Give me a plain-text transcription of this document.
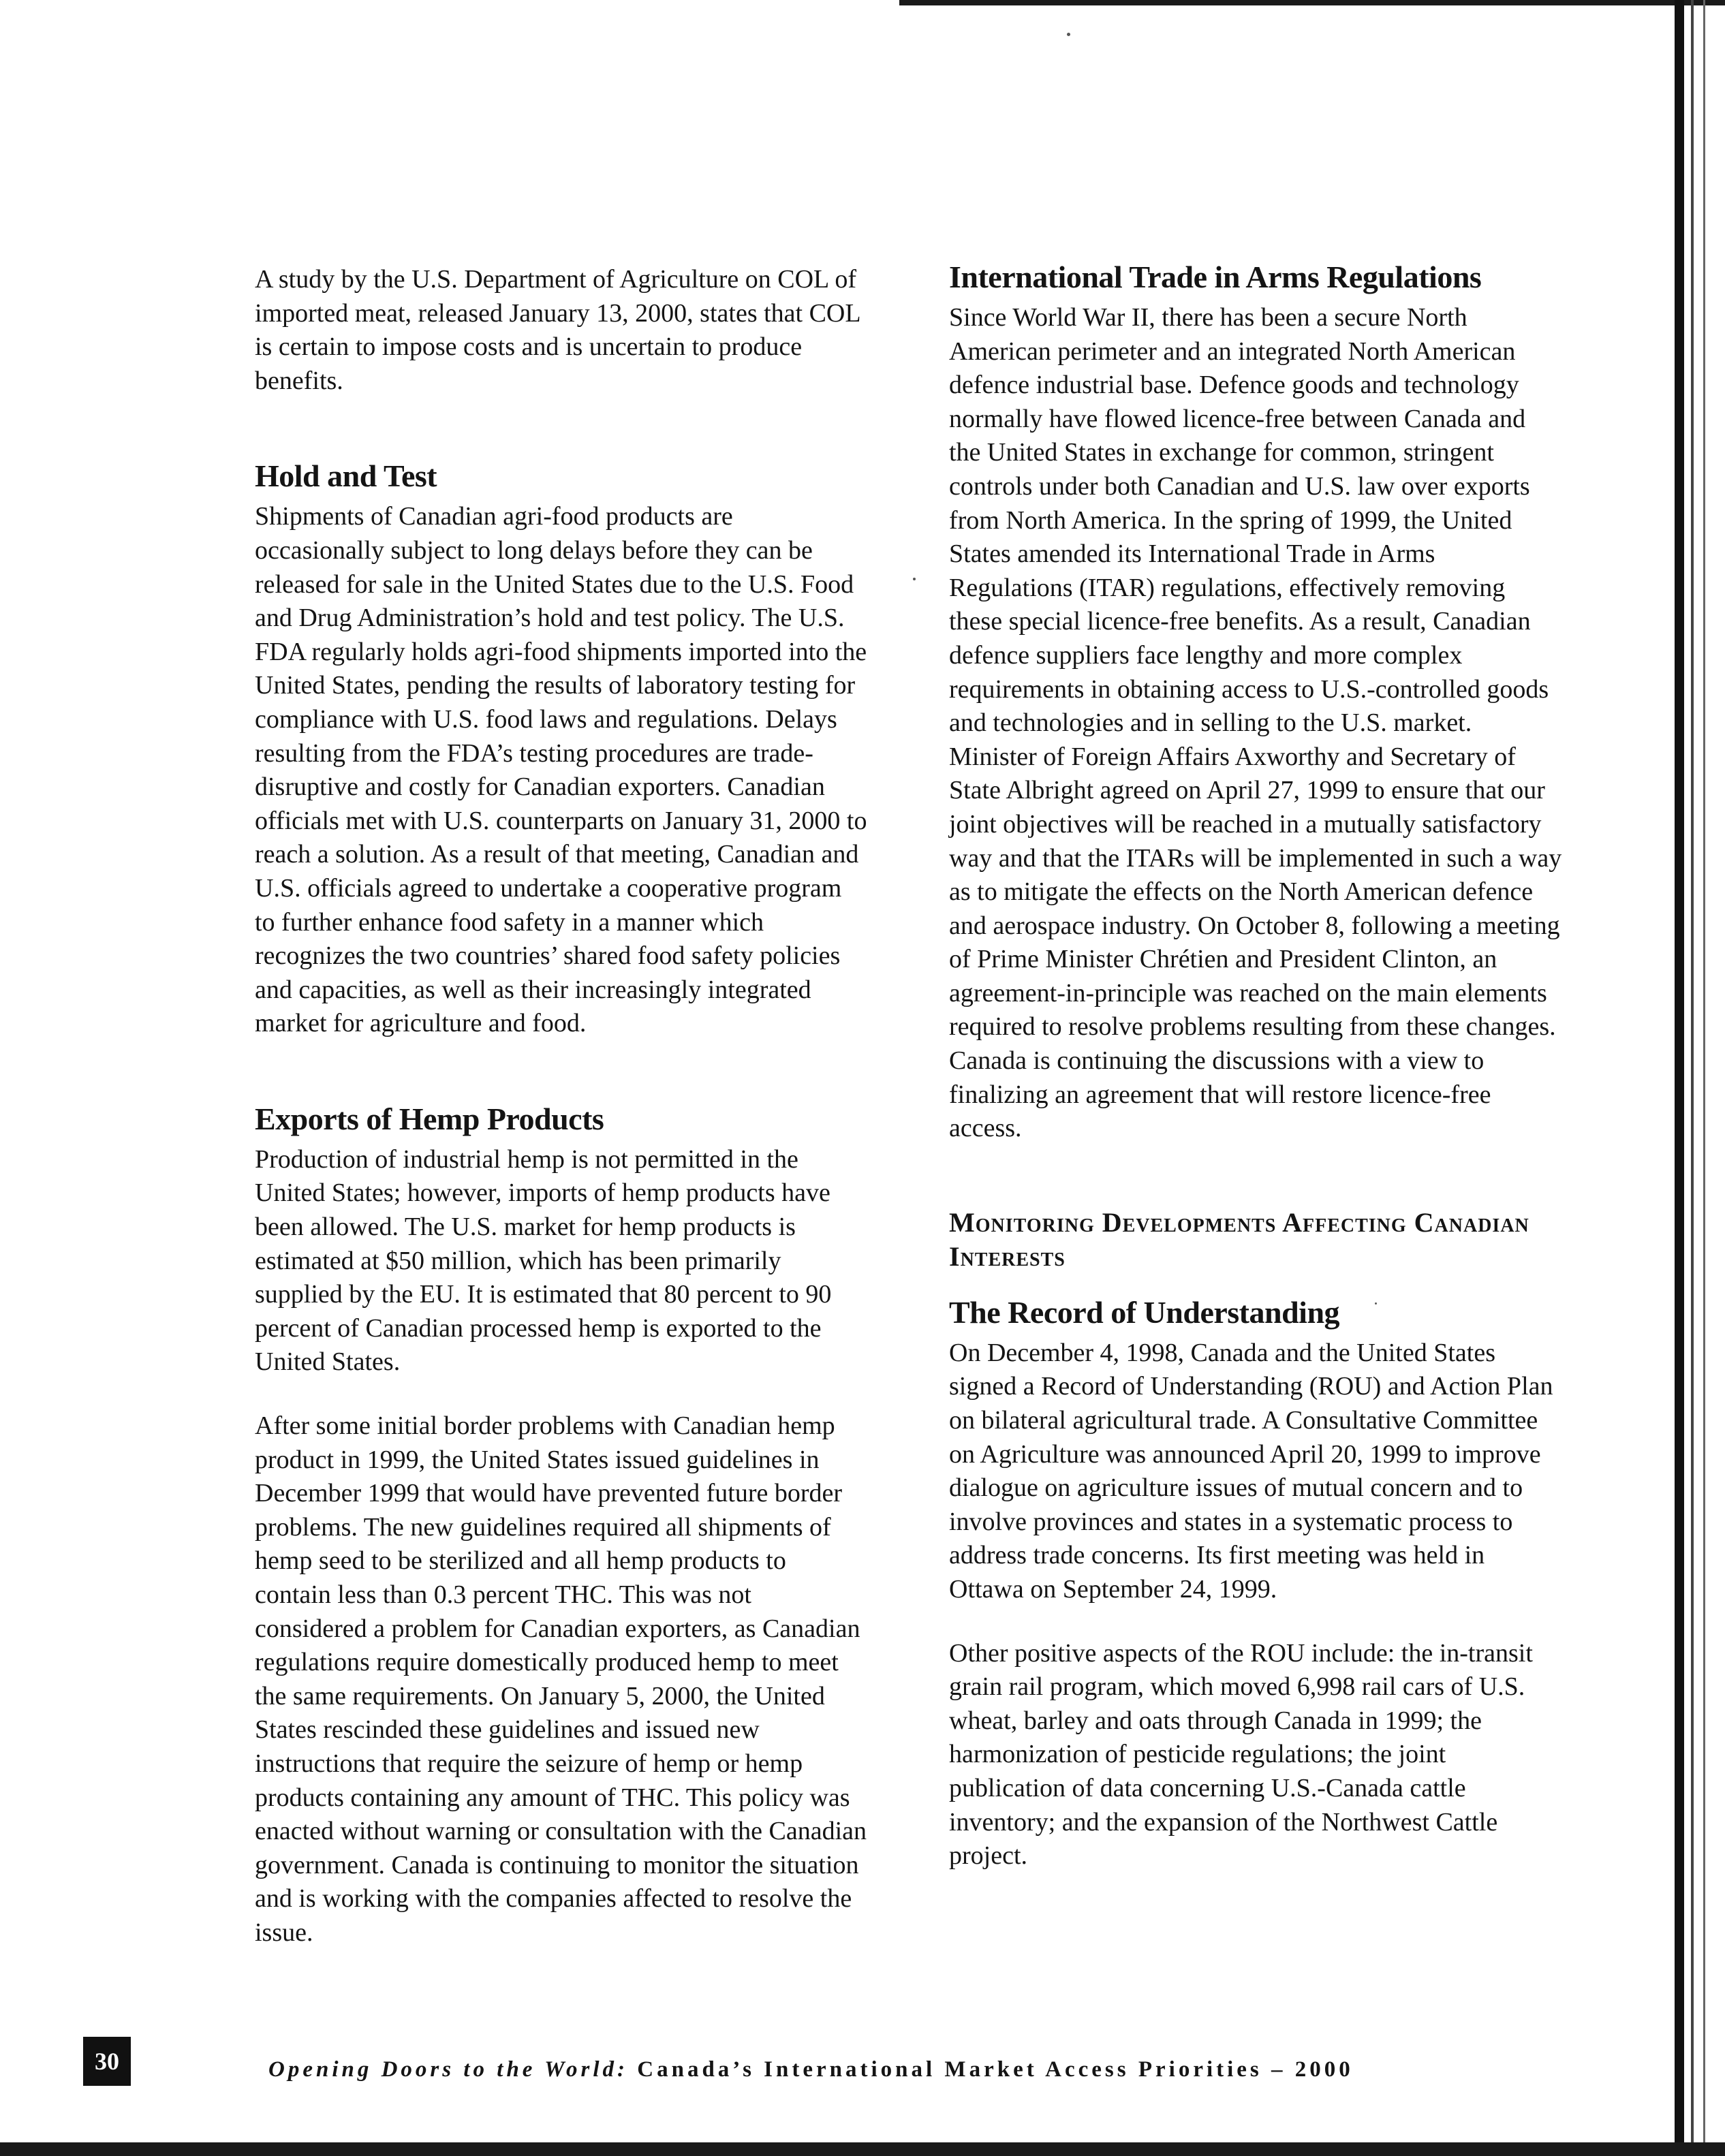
A study by the U.S. Department of Agriculture on COL of imported meat, released January 13, 2000, states that COL is certain to impose costs and is uncertain to produce benefits.

Hold and Test

Shipments of Canadian agri-food products are occasionally subject to long delays before they can be released for sale in the United States due to the U.S. Food and Drug Administration’s hold and test policy. The U.S. FDA regularly holds agri-food shipments imported into the United States, pending the results of laboratory testing for compliance with U.S. food laws and regulations. Delays resulting from the FDA’s testing procedures are trade-disruptive and costly for Canadian exporters. Canadian officials met with U.S. counterparts on January 31, 2000 to reach a solution. As a result of that meeting, Canadian and U.S. officials agreed to undertake a cooperative program to further enhance food safety in a manner which recognizes the two countries’ shared food safety policies and capacities, as well as their increasingly integrated market for agriculture and food.

Exports of Hemp Products

Production of industrial hemp is not permitted in the United States; however, imports of hemp products have been allowed. The U.S. market for hemp products is estimated at $50 million, which has been primarily supplied by the EU. It is estimated that 80 percent to 90 percent of Canadian processed hemp is exported to the United States.

After some initial border problems with Canadian hemp product in 1999, the United States issued guidelines in December 1999 that would have prevented future border problems. The new guidelines required all shipments of hemp seed to be sterilized and all hemp products to contain less than 0.3 percent THC. This was not considered a problem for Canadian exporters, as Canadian regulations require domestically produced hemp to meet the same requirements. On January 5, 2000, the United States rescinded these guidelines and issued new instructions that require the seizure of hemp or hemp products containing any amount of THC. This policy was enacted without warning or consultation with the Canadian government. Canada is continuing to monitor the situation and is working with the companies affected to resolve the issue.

International Trade in Arms Regulations

Since World War II, there has been a secure North American perimeter and an integrated North American defence industrial base. Defence goods and technology normally have flowed licence-free between Canada and the United States in exchange for common, stringent controls under both Canadian and U.S. law over exports from North America. In the spring of 1999, the United States amended its International Trade in Arms Regulations (ITAR) regulations, effectively removing these special licence-free benefits. As a result, Canadian defence suppliers face lengthy and more complex requirements in obtaining access to U.S.-controlled goods and technologies and in selling to the U.S. market. Minister of Foreign Affairs Axworthy and Secretary of State Albright agreed on April 27, 1999 to ensure that our joint objectives will be reached in a mutually satisfactory way and that the ITARs will be implemented in such a way as to mitigate the effects on the North American defence and aerospace industry. On October 8, following a meeting of Prime Minister Chrétien and President Clinton, an agreement-in-principle was reached on the main elements required to resolve problems resulting from these changes. Canada is continuing the discussions with a view to finalizing an agreement that will restore licence-free access.

Monitoring Developments Affecting Canadian Interests
The Record of Understanding

On December 4, 1998, Canada and the United States signed a Record of Understanding (ROU) and Action Plan on bilateral agricultural trade. A Consultative Committee on Agriculture was announced April 20, 1999 to improve dialogue on agriculture issues of mutual concern and to involve provinces and states in a systematic process to address trade concerns. Its first meeting was held in Ottawa on September 24, 1999.

Other positive aspects of the ROU include: the in-transit grain rail program, which moved 6,998 rail cars of U.S. wheat, barley and oats through Canada in 1999; the harmonization of pesticide regulations; the joint publication of data concerning U.S.-Canada cattle inventory; and the expansion of the Northwest Cattle project.

30	Opening Doors to the World: Canada’s International Market Access Priorities – 2000
